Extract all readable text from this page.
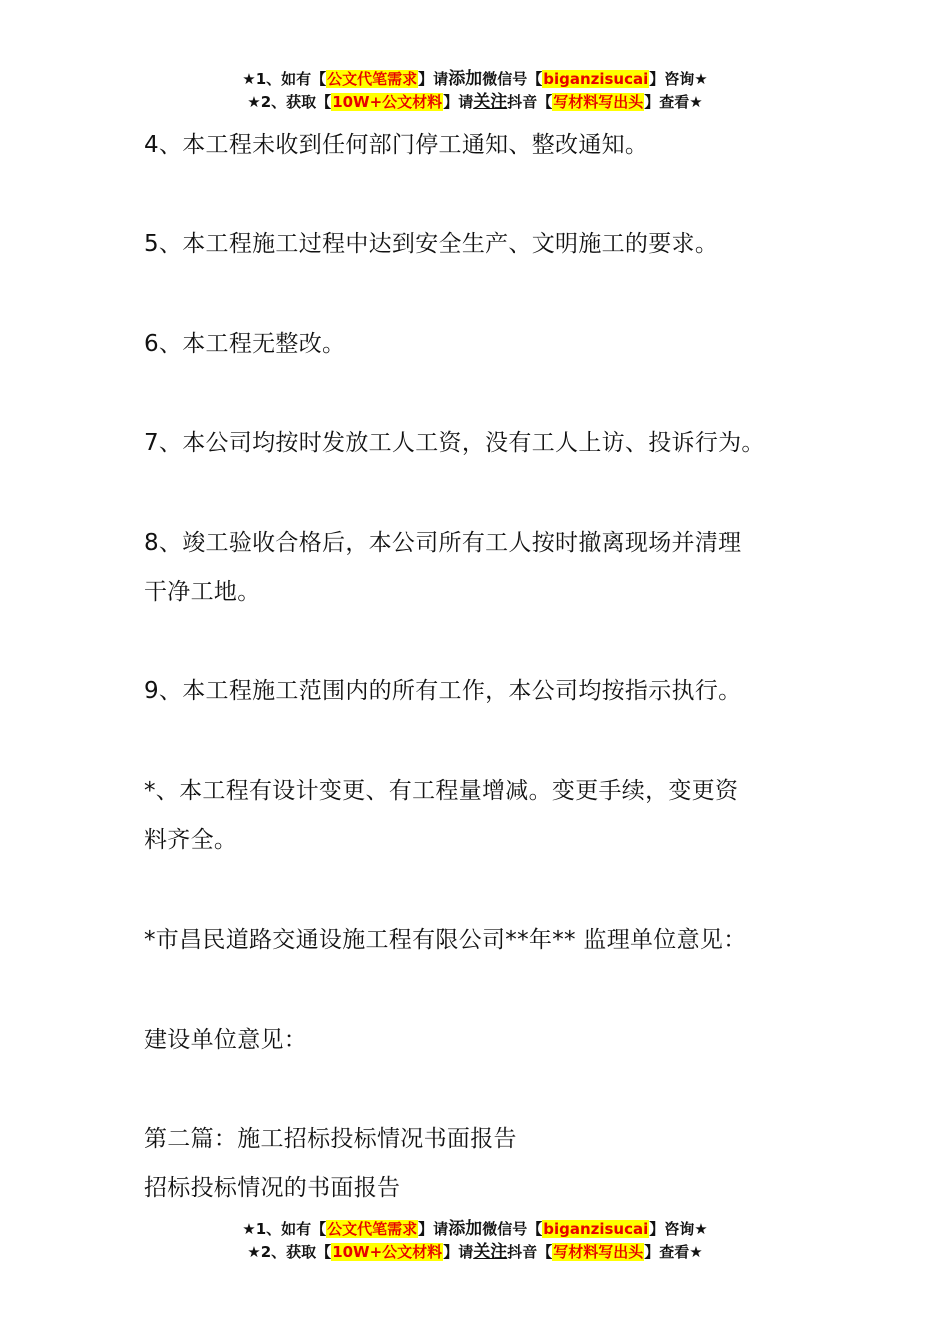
★1、如有【公文代笔需求】请添加微信号【biganzisucai】咨询★
★2、获取【10W+公文材料】请关注抖音【写材料写出头】查看★
4、本工程未收到任何部门停工通知、整改通知。
5、本工程施工过程中达到安全生产、文明施工的要求。
6、本工程无整改。
7、本公司均按时发放工人工资，没有工人上访、投诉行为。
8、竣工验收合格后，本公司所有工人按时撤离现场并清理
干净工地。
9、本工程施工范围内的所有工作，本公司均按指示执行。
*、本工程有设计变更、有工程量增减。变更手续，变更资
料齐全。
*市昌民道路交通设施工程有限公司**年** 监理单位意见：
建设单位意见：
第二篇：施工招标投标情况书面报告
招标投标情况的书面报告
★1、如有【公文代笔需求】请添加微信号【biganzisucai】咨询★
★2、获取【10W+公文材料】请关注抖音【写材料写出头】查看★
